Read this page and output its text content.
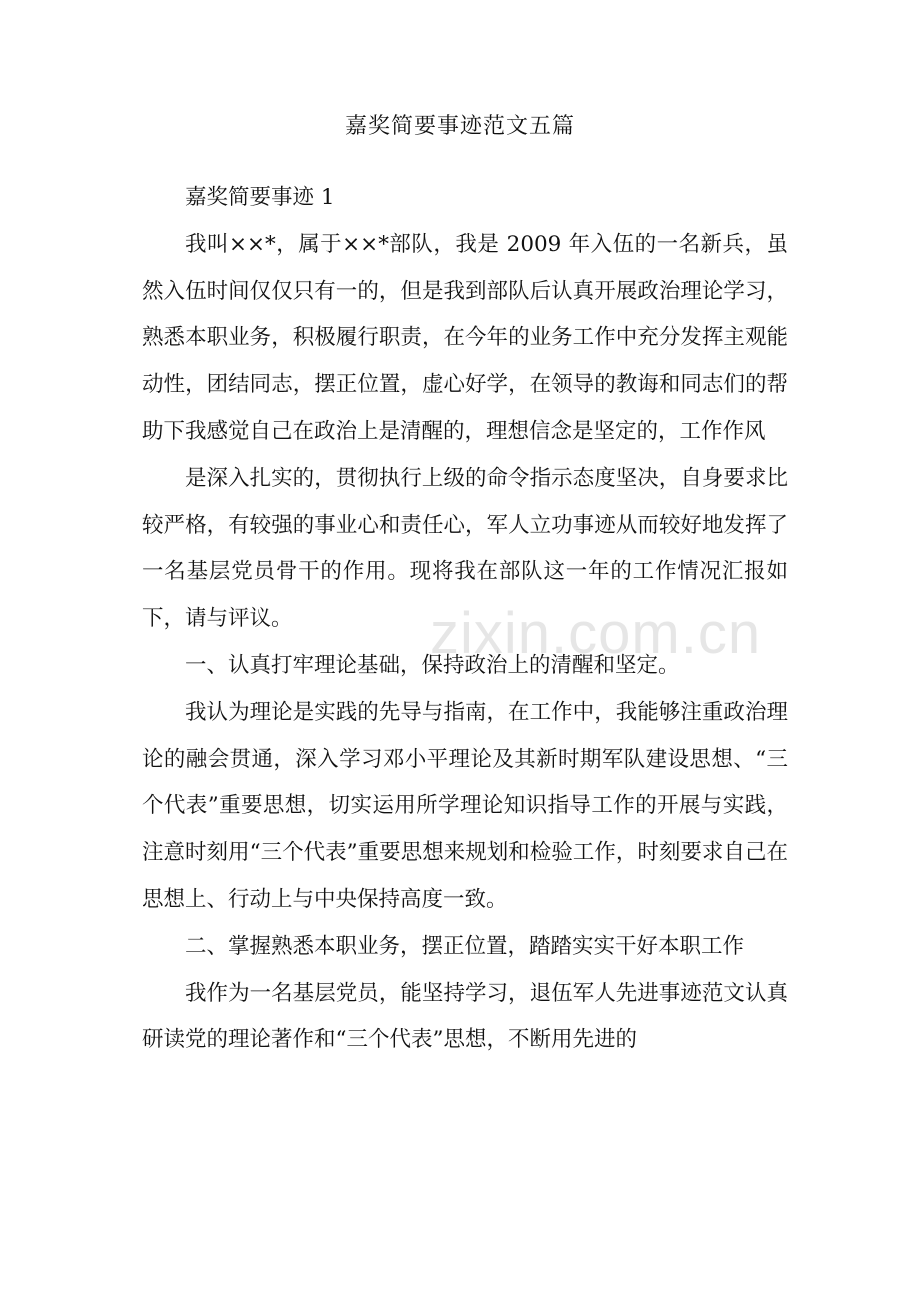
嘉奖简要事迹范文五篇

嘉奖简要事迹 1

我叫××*，属于××*部队，我是 2009 年入伍的一名新兵，虽然入伍时间仅仅只有一的，但是我到部队后认真开展政治理论学习，熟悉本职业务，积极履行职责，在今年的业务工作中充分发挥主观能动性，团结同志，摆正位置，虚心好学，在领导的教诲和同志们的帮助下我感觉自己在政治上是清醒的，理想信念是坚定的，工作作风

是深入扎实的，贯彻执行上级的命令指示态度坚决，自身要求比较严格，有较强的事业心和责任心，军人立功事迹从而较好地发挥了一名基层党员骨干的作用。现将我在部队这一年的工作情况汇报如下，请与评议。

一、认真打牢理论基础，保持政治上的清醒和坚定。

我认为理论是实践的先导与指南，在工作中，我能够注重政治理论的融会贯通，深入学习邓小平理论及其新时期军队建设思想、“三个代表”重要思想，切实运用所学理论知识指导工作的开展与实践，注意时刻用“三个代表”重要思想来规划和检验工作，时刻要求自己在思想上、行动上与中央保持高度一致。

二、掌握熟悉本职业务，摆正位置，踏踏实实干好本职工作

我作为一名基层党员，能坚持学习，退伍军人先进事迹范文认真研读党的理论著作和“三个代表”思想，不断用先进的

zixin.com.cn
